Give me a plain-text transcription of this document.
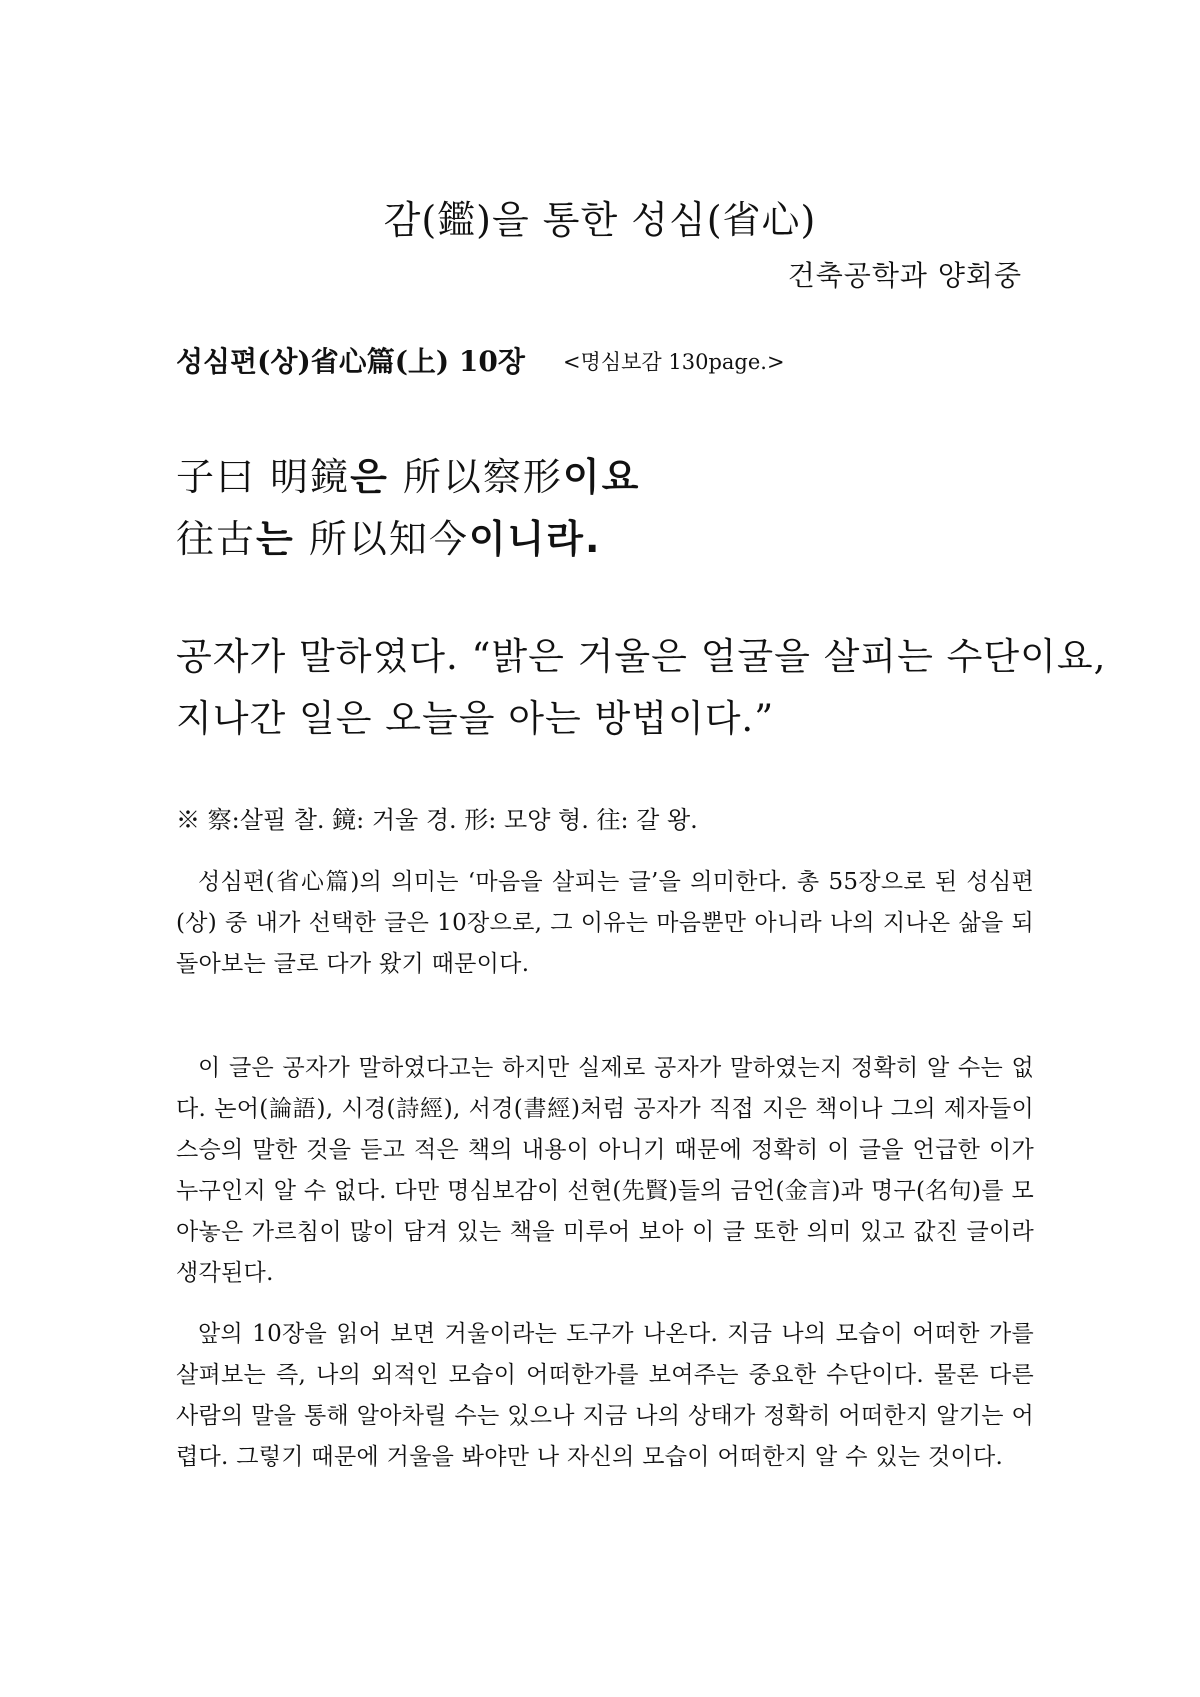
감(鑑)을 통한 성심(省心)
건축공학과 양회중
성심편(상)省心篇(上) 10장 <명심보감 130page.>
子曰 明鏡은 所以察形이요
往古는 所以知今이니라.
공자가 말하였다. “밝은 거울은 얼굴을 살피는 수단이요,
지나간 일은 오늘을 아는 방법이다.”
※ 察:살필 찰. 鏡: 거울 경. 形: 모양 형. 往: 갈 왕.

성심편(省心篇)의 의미는 ‘마음을 살피는 글’을 의미한다. 총 55장으로 된 성심편(상) 중 내가 선택한 글은 10장으로, 그 이유는 마음뿐만 아니라 나의 지나온 삶을 되돌아보는 글로 다가 왔기 때문이다.

이 글은 공자가 말하였다고는 하지만 실제로 공자가 말하였는지 정확히 알 수는 없다. 논어(論語), 시경(詩經), 서경(書經)처럼 공자가 직접 지은 책이나 그의 제자들이 스승의 말한 것을 듣고 적은 책의 내용이 아니기 때문에 정확히 이 글을 언급한 이가 누구인지 알 수 없다. 다만 명심보감이 선현(先賢)들의 금언(金言)과 명구(名句)를 모아놓은 가르침이 많이 담겨 있는 책을 미루어 보아 이 글 또한 의미 있고 값진 글이라 생각된다.

앞의 10장을 읽어 보면 거울이라는 도구가 나온다. 지금 나의 모습이 어떠한 가를 살펴보는 즉, 나의 외적인 모습이 어떠한가를 보여주는 중요한 수단이다. 물론 다른 사람의 말을 통해 알아차릴 수는 있으나 지금 나의 상태가 정확히 어떠한지 알기는 어렵다. 그렇기 때문에 거울을 봐야만 나 자신의 모습이 어떠한지 알 수 있는 것이다.
